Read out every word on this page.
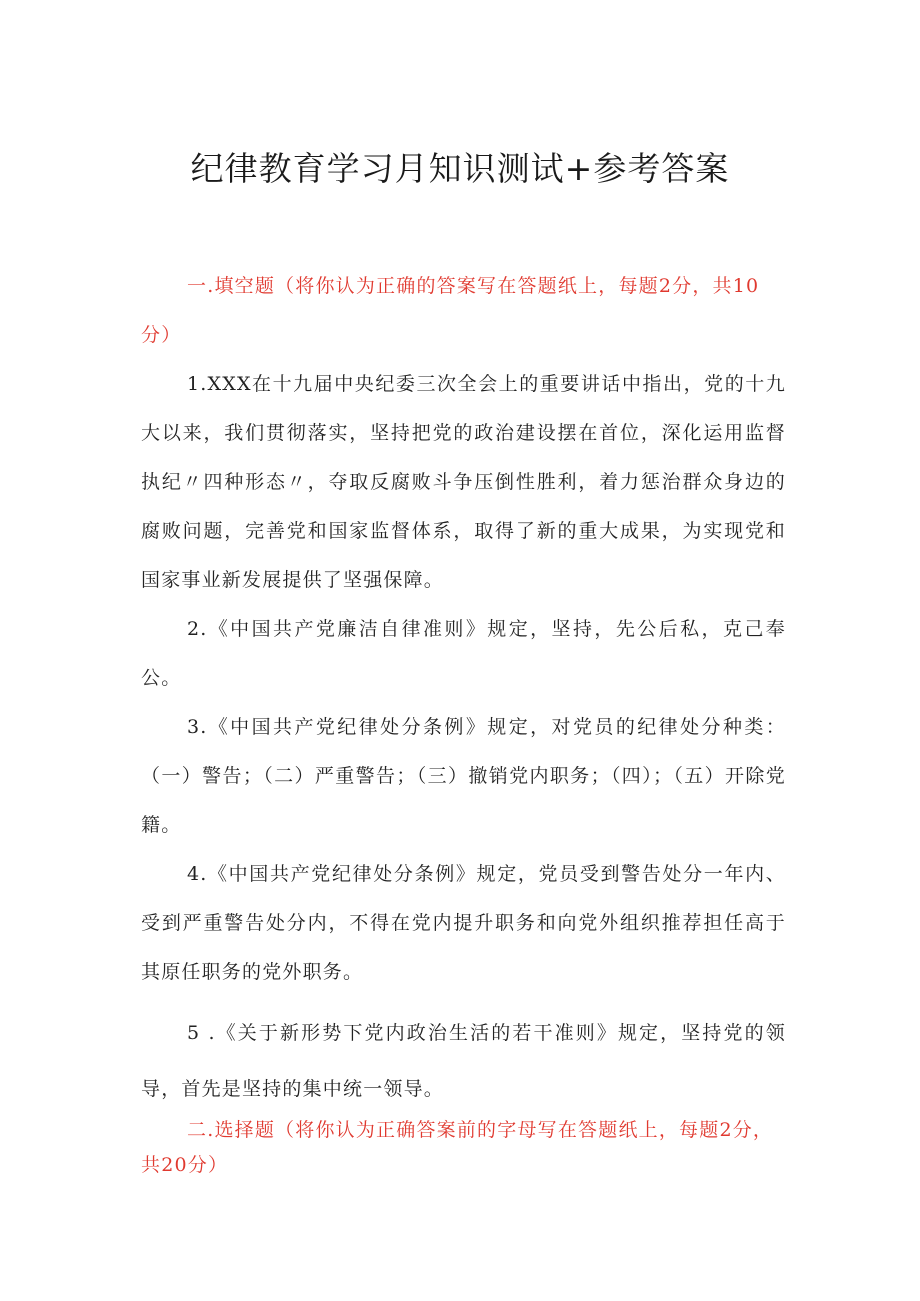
纪律教育学习月知识测试+参考答案

一.填空题（将你认为正确的答案写在答题纸上，每题2分，共10分）

1.XXX在十九届中央纪委三次全会上的重要讲话中指出，党的十九大以来，我们贯彻落实，坚持把党的政治建设摆在首位，深化运用监督执纪〃四种形态〃，夺取反腐败斗争压倒性胜利，着力惩治群众身边的腐败问题，完善党和国家监督体系，取得了新的重大成果，为实现党和国家事业新发展提供了坚强保障。

2.《中国共产党廉洁自律准则》规定，坚持，先公后私，克己奉公。

3.《中国共产党纪律处分条例》规定，对党员的纪律处分种类：（一）警告；（二）严重警告；（三）撤销党内职务；（四）；（五）开除党籍。

4.《中国共产党纪律处分条例》规定，党员受到警告处分一年内、受到严重警告处分内，不得在党内提升职务和向党外组织推荐担任高于其原任职务的党外职务。

5 .《关于新形势下党内政治生活的若干准则》规定，坚持党的领导，首先是坚持的集中统一领导。

二.选择题（将你认为正确答案前的字母写在答题纸上，每题2分，共20分）
